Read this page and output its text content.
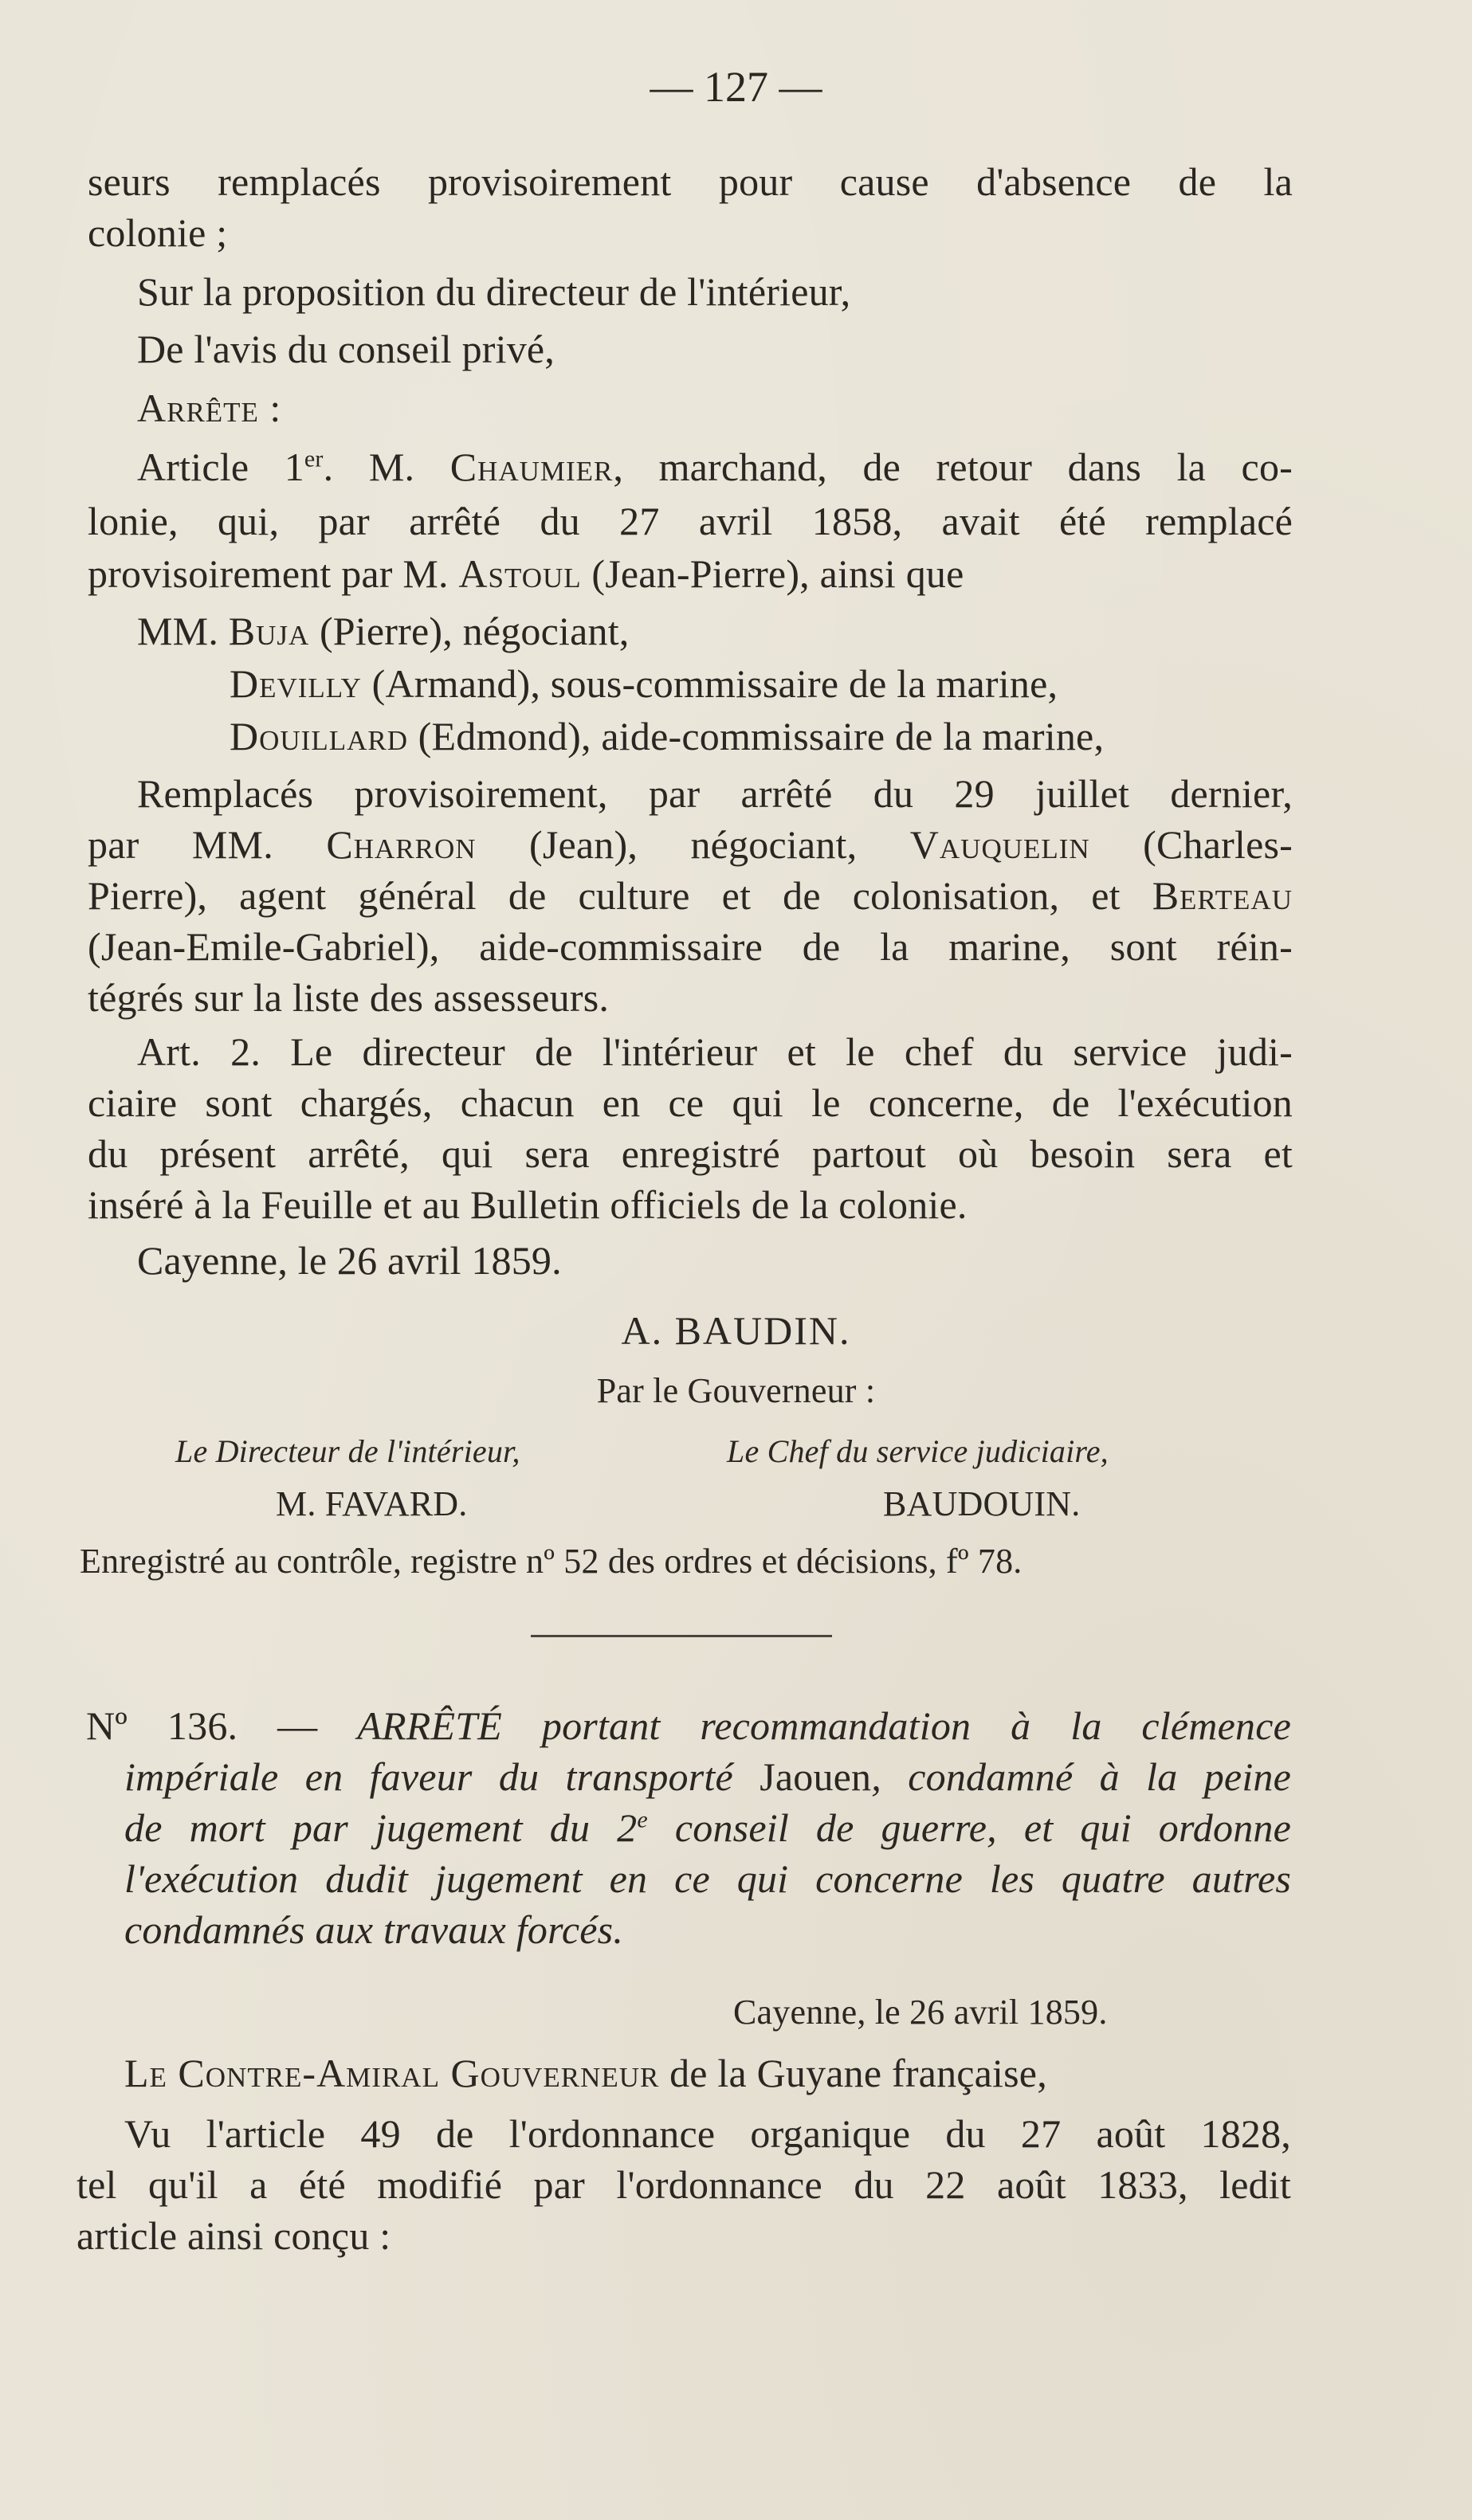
— 127 —
seurs remplacés provisoirement pour cause d'absence de la
colonie ;
Sur la proposition du directeur de l'intérieur,
De l'avis du conseil privé,
Arrête :
Article 1er. M. Chaumier, marchand, de retour dans la co-
lonie, qui, par arrêté du 27 avril 1858, avait été remplacé
provisoirement par M. Astoul (Jean-Pierre), ainsi que
MM. Buja (Pierre), négociant,
Devilly (Armand), sous-commissaire de la marine,
Douillard (Edmond), aide-commissaire de la marine,
Remplacés provisoirement, par arrêté du 29 juillet dernier,
par MM. Charron (Jean), négociant, Vauquelin (Charles-
Pierre), agent général de culture et de colonisation, et Berteau
(Jean-Emile-Gabriel), aide-commissaire de la marine, sont réin-
tégrés sur la liste des assesseurs.
Art. 2. Le directeur de l'intérieur et le chef du service judi-
ciaire sont chargés, chacun en ce qui le concerne, de l'exécution
du présent arrêté, qui sera enregistré partout où besoin sera et
inséré à la Feuille et au Bulletin officiels de la colonie.
Cayenne, le 26 avril 1859.
A. BAUDIN.
Par le Gouverneur :
Le Directeur de l'intérieur,	Le Chef du service judiciaire,
M. FAVARD.	BAUDOUIN.
Enregistré au contrôle, registre nº 52 des ordres et décisions, fº 78.
Nº 136. — ARRÊTÉ portant recommandation à la clémence
impériale en faveur du transporté Jaouen, condamné à la peine
de mort par jugement du 2e conseil de guerre, et qui ordonne
l'exécution dudit jugement en ce qui concerne les quatre autres
condamnés aux travaux forcés.
Cayenne, le 26 avril 1859.
Le Contre-Amiral Gouverneur de la Guyane française,
Vu l'article 49 de l'ordonnance organique du 27 août 1828,
tel qu'il a été modifié par l'ordonnance du 22 août 1833, ledit
article ainsi conçu :
